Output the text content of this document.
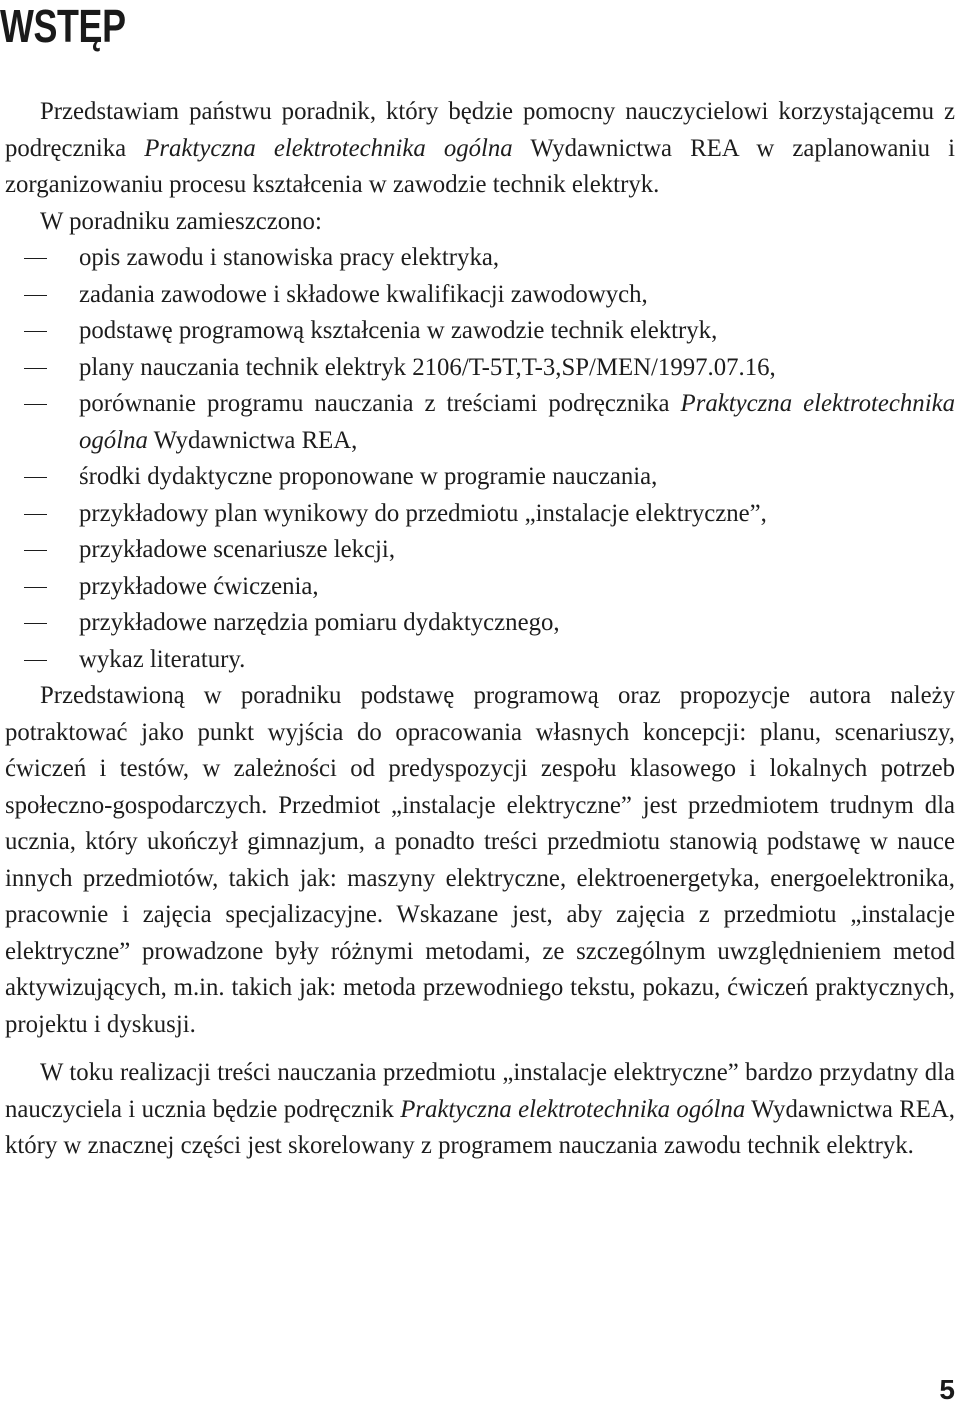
WSTĘP

Przedstawiam państwu poradnik, który będzie pomocny nauczycielowi korzystającemu z podręcznika Praktyczna elektrotechnika ogólna Wydawnictwa REA w zaplanowaniu i zorganizowaniu procesu kształcenia w zawodzie technik elektryk.

W poradniku zamieszczono:

opis zawodu i stanowiska pracy elektryka,
zadania zawodowe i składowe kwalifikacji zawodowych,
podstawę programową kształcenia w zawodzie technik elektryk,
plany nauczania technik elektryk 2106/T-5T,T-3,SP/MEN/1997.07.16,
porównanie programu nauczania z treściami podręcznika Praktyczna elektrotechnika ogólna Wydawnictwa REA,
środki dydaktyczne proponowane w programie nauczania,
przykładowy plan wynikowy do przedmiotu „instalacje elektryczne”,
przykładowe scenariusze lekcji,
przykładowe ćwiczenia,
przykładowe narzędzia pomiaru dydaktycznego,
wykaz literatury.

Przedstawioną w poradniku podstawę programową oraz propozycje autora należy potraktować jako punkt wyjścia do opracowania własnych koncepcji: planu, scenariuszy, ćwiczeń i testów, w zależności od predyspozycji zespołu klasowego i lokalnych potrzeb społeczno-gospodarczych. Przedmiot „instalacje elektryczne” jest przedmiotem trudnym dla ucznia, który ukończył gimnazjum, a ponadto treści przedmiotu stanowią podstawę w nauce innych przedmiotów, takich jak: maszyny elektryczne, elektroenergetyka, energoelektronika, pracownie i zajęcia specjalizacyjne. Wskazane jest, aby zajęcia z przedmiotu „instalacje elektryczne” prowadzone były różnymi metodami, ze szczególnym uwzględnieniem metod aktywizujących, m.in. takich jak: metoda przewodniego tekstu, pokazu, ćwiczeń praktycznych, projektu i dyskusji.

W toku realizacji treści nauczania przedmiotu „instalacje elektryczne” bardzo przydatny dla nauczyciela i ucznia będzie podręcznik Praktyczna elektrotechnika ogólna Wydawnictwa REA, który w znacznej części jest skorelowany z programem nauczania zawodu technik elektryk.

5
